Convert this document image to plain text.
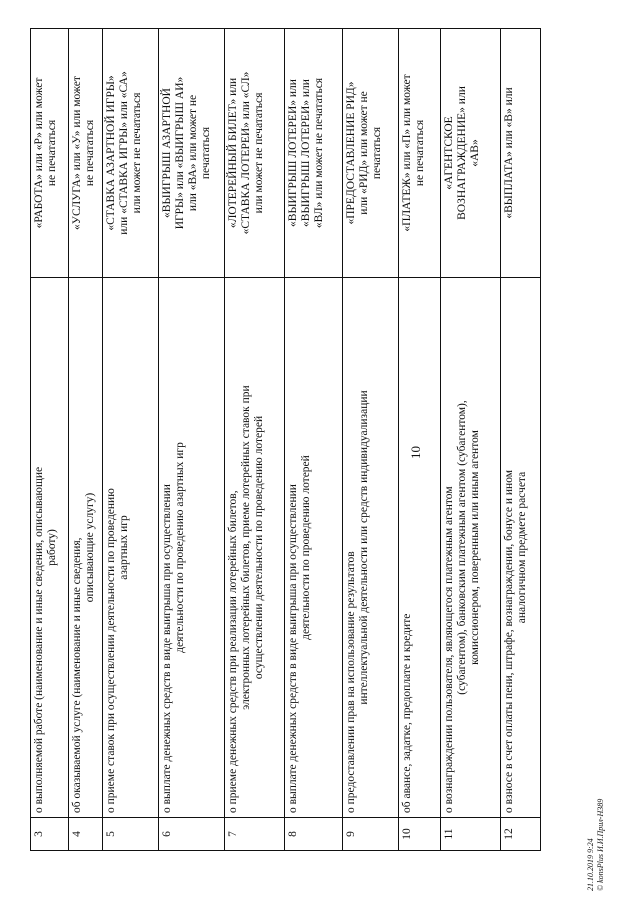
3	о выполняемой работе (наименование и иные сведения, описывающие работу)	«РАБОТА» или «Р» или может не печататься

4	об оказываемой услуге (наименование и иные сведения, описывающие услугу)	«УСЛУГА» или «У» или может не печататься

5	о приеме ставок при осуществлении деятельности по проведению азартных игр	«СТАВКА АЗАРТНОЙ ИГРЫ» или «СТАВКА ИГРЫ» или «СА» или может не печататься

6	о выплате денежных средств в виде выигрыша при осуществлении деятельности по проведению азартных игр	«ВЫИГРЫШ АЗАРТНОЙ ИГРЫ» или «ВЫИГРЫШ АИ» или «ВА» или может не печататься

7	о приеме денежных средств при реализации лотерейных билетов, электронных лотерейных билетов, приеме лотерейных ставок при осуществлении деятельности по проведению лотерей	«ЛОТЕРЕЙНЫЙ БИЛЕТ» или «СТАВКА ЛОТЕРЕИ» или «СЛ» или может не печататься

8	о выплате денежных средств в виде выигрыша при осуществлении деятельности по проведению лотерей	«ВЫИГРЫШ ЛОТЕРЕИ» или «ВЫИГРЫШ ЛОТЕРЕИ» или «ВЛ» или может не печататься

9	о предоставлении прав на использование результатов интеллектуальной деятельности или средств индивидуализации	«ПРЕДОСТАВЛЕНИЕ РИД» или «РИД» или может не печататься

10	об авансе, задатке, предоплате и кредите	«ПЛАТЕЖ» или «П» или может не печататься

11	о вознаграждении пользователя, являющегося платежным агентом (субагентом), банковским платежным агентом (субагентом), комиссионером, поверенным или иным агентом	«АГЕНТСКОЕ ВОЗНАГРАЖДЕНИЕ» или «АВ»

12	о взносе в счет оплаты пени, штрафе, вознаграждении, бонусе и ином аналогичном предмете расчета	«ВЫПЛАТА» или «В» или
10
21.10.2019 9:24 © konsPlus И.И.Прил-Н389
